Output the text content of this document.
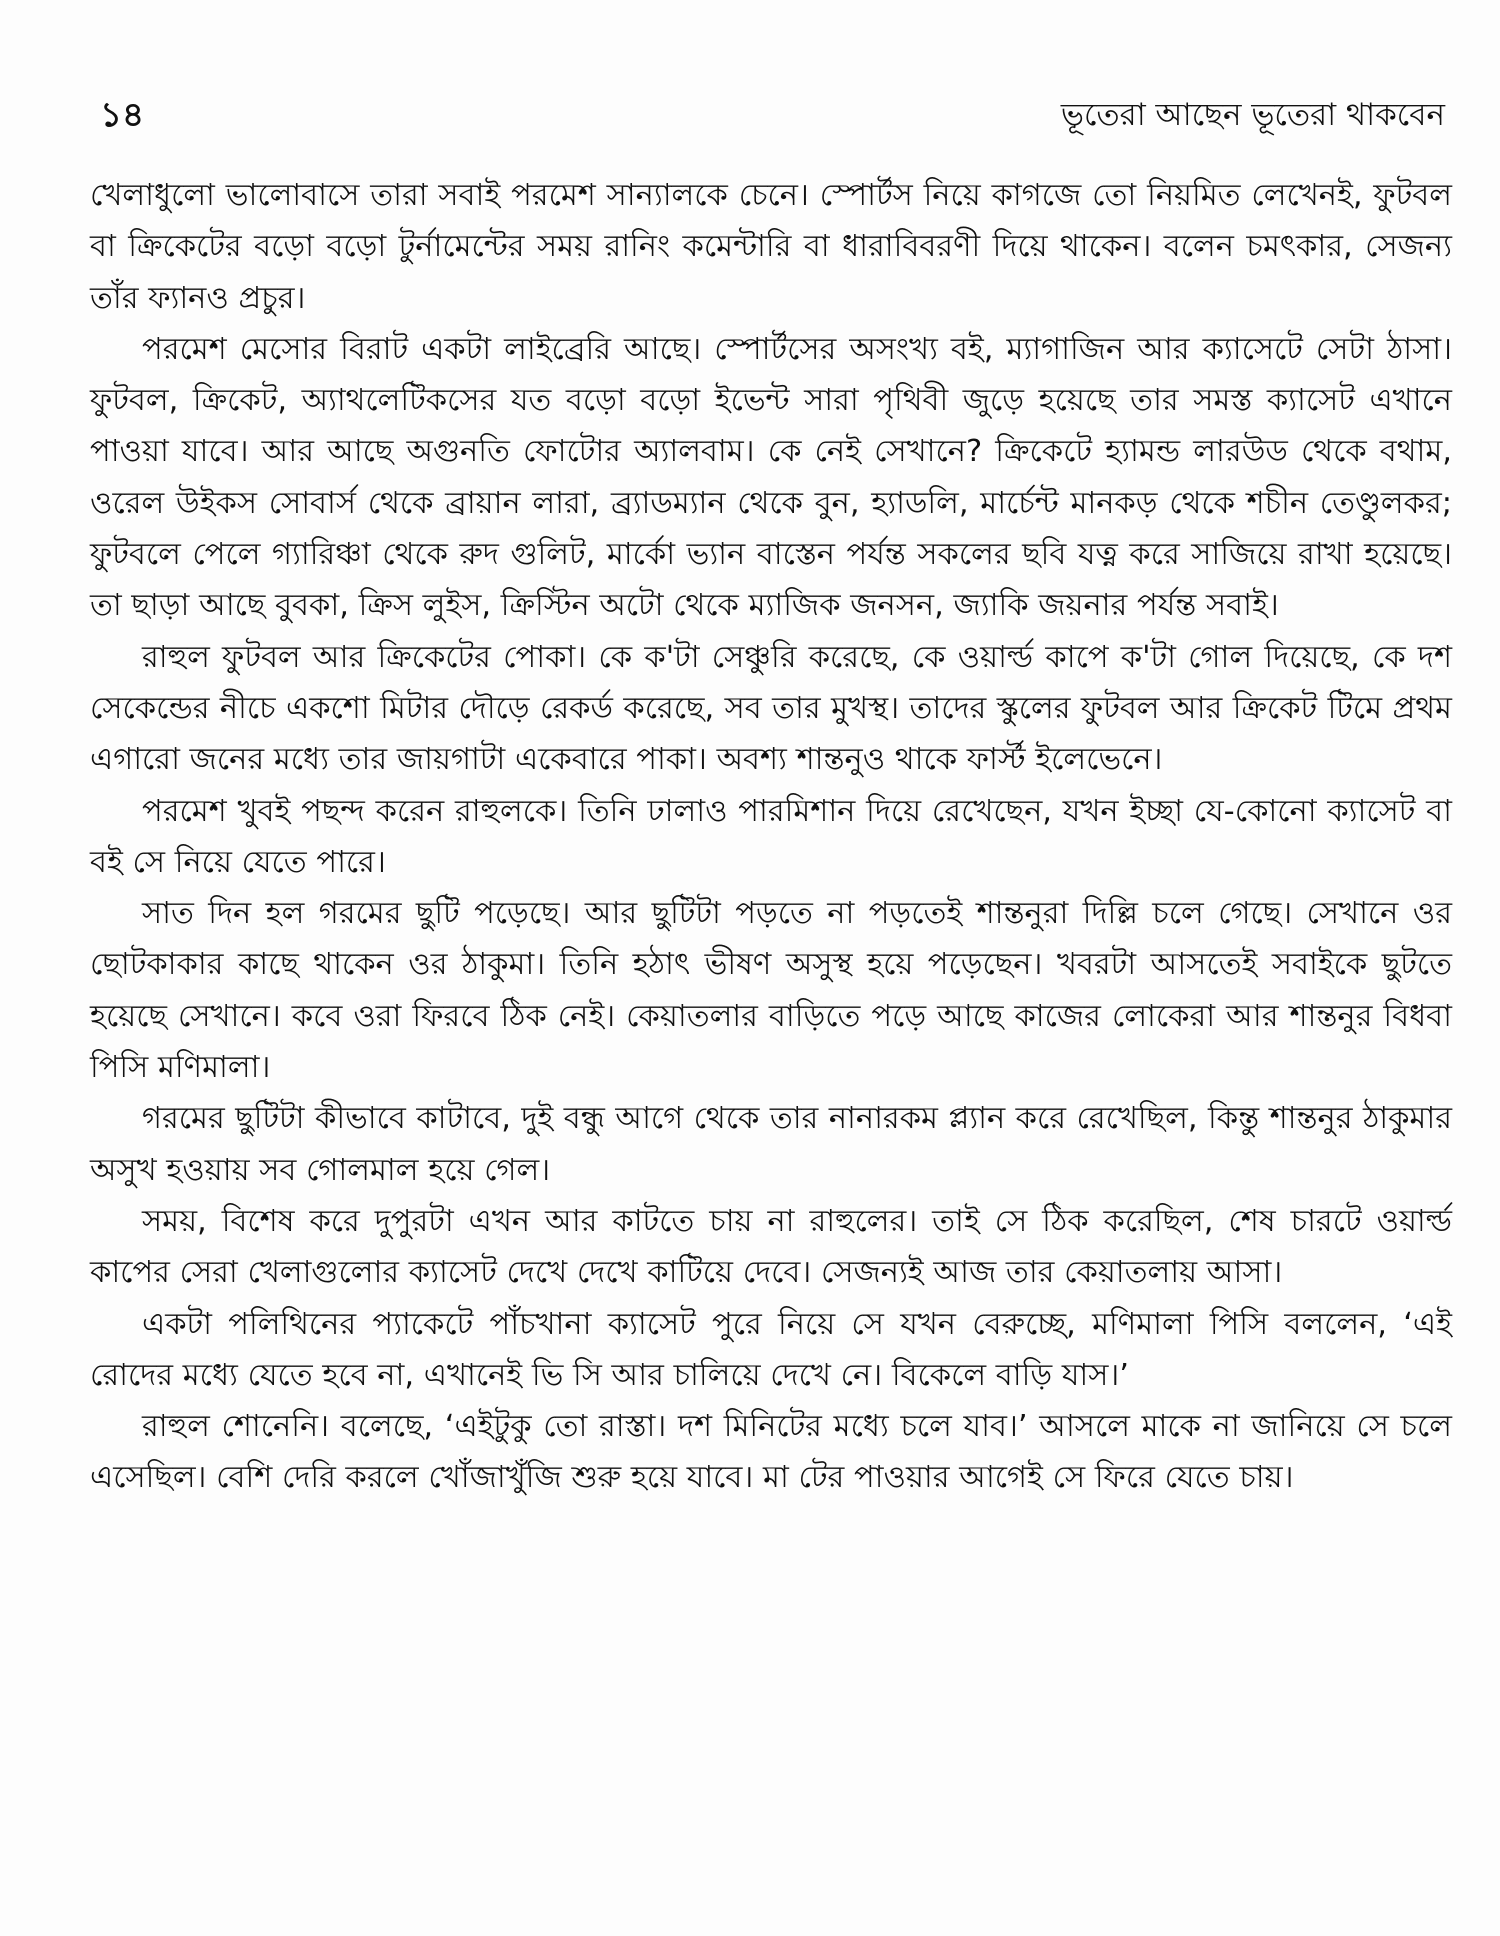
১৪	ভূতেরা আছেন ভূতেরা থাকবেন

খেলাধুলো ভালোবাসে তারা সবাই পরমেশ সান্যালকে চেনে। স্পোর্টস নিয়ে কাগজে তো নিয়মিত লেখেনই, ফুটবল বা ক্রিকেটের বড়ো বড়ো টুর্নামেন্টের সময় রানিং কমেন্টারি বা ধারাবিবরণী দিয়ে থাকেন। বলেন চমৎকার, সেজন্য তাঁর ফ্যানও প্রচুর।

পরমেশ মেসোর বিরাট একটা লাইব্রেরি আছে। স্পোর্টসের অসংখ্য বই, ম্যাগাজিন আর ক্যাসেটে সেটা ঠাসা। ফুটবল, ক্রিকেট, অ্যাথলেটিকসের যত বড়ো বড়ো ইভেন্ট সারা পৃথিবী জুড়ে হয়েছে তার সমস্ত ক্যাসেট এখানে পাওয়া যাবে। আর আছে অগুনতি ফোটোর অ্যালবাম। কে নেই সেখানে? ক্রিকেটে হ্যামন্ড লারউড থেকে বথাম, ওরেল উইকস সোবার্স থেকে ব্রায়ান লারা, ব্র্যাডম্যান থেকে বুন, হ্যাডলি, মার্চেন্ট মানকড় থেকে শচীন তেণ্ডুলকর; ফুটবলে পেলে গ্যারিঞ্চা থেকে রুদ গুলিট, মার্কো ভ্যান বাস্তেন পর্যন্ত সকলের ছবি যত্ন করে সাজিয়ে রাখা হয়েছে। তা ছাড়া আছে বুবকা, ক্রিস লুইস, ক্রিস্টিন অটো থেকে ম্যাজিক জনসন, জ্যাকি জয়নার পর্যন্ত সবাই।

রাহুল ফুটবল আর ক্রিকেটের পোকা। কে ক'টা সেঞ্চুরি করেছে, কে ওয়ার্ল্ড কাপে ক'টা গোল দিয়েছে, কে দশ সেকেন্ডের নীচে একশো মিটার দৌড়ে রেকর্ড করেছে, সব তার মুখস্থ। তাদের স্কুলের ফুটবল আর ক্রিকেট টিমে প্রথম এগারো জনের মধ্যে তার জায়গাটা একেবারে পাকা। অবশ্য শান্তনুও থাকে ফার্স্ট ইলেভেনে।

পরমেশ খুবই পছন্দ করেন রাহুলকে। তিনি ঢালাও পারমিশান দিয়ে রেখেছেন, যখন ইচ্ছা যে-কোনো ক্যাসেট বা বই সে নিয়ে যেতে পারে।

সাত দিন হল গরমের ছুটি পড়েছে। আর ছুটিটা পড়তে না পড়তেই শান্তনুরা দিল্লি চলে গেছে। সেখানে ওর ছোটকাকার কাছে থাকেন ওর ঠাকুমা। তিনি হঠাৎ ভীষণ অসুস্থ হয়ে পড়েছেন। খবরটা আসতেই সবাইকে ছুটতে হয়েছে সেখানে। কবে ওরা ফিরবে ঠিক নেই। কেয়াতলার বাড়িতে পড়ে আছে কাজের লোকেরা আর শান্তনুর বিধবা পিসি মণিমালা।

গরমের ছুটিটা কীভাবে কাটাবে, দুই বন্ধু আগে থেকে তার নানারকম প্ল্যান করে রেখেছিল, কিন্তু শান্তনুর ঠাকুমার অসুখ হওয়ায় সব গোলমাল হয়ে গেল।

সময়, বিশেষ করে দুপুরটা এখন আর কাটতে চায় না রাহুলের। তাই সে ঠিক করেছিল, শেষ চারটে ওয়ার্ল্ড কাপের সেরা খেলাগুলোর ক্যাসেট দেখে দেখে কাটিয়ে দেবে। সেজন্যই আজ তার কেয়াতলায় আসা।

একটা পলিথিনের প্যাকেটে পাঁচখানা ক্যাসেট পুরে নিয়ে সে যখন বেরুচ্ছে, মণিমালা পিসি বললেন, ‘এই রোদের মধ্যে যেতে হবে না, এখানেই ভি সি আর চালিয়ে দেখে নে। বিকেলে বাড়ি যাস।’

রাহুল শোনেনি। বলেছে, ‘এইটুকু তো রাস্তা। দশ মিনিটের মধ্যে চলে যাব।’ আসলে মাকে না জানিয়ে সে চলে এসেছিল। বেশি দেরি করলে খোঁজাখুঁজি শুরু হয়ে যাবে। মা টের পাওয়ার আগেই সে ফিরে যেতে চায়।
